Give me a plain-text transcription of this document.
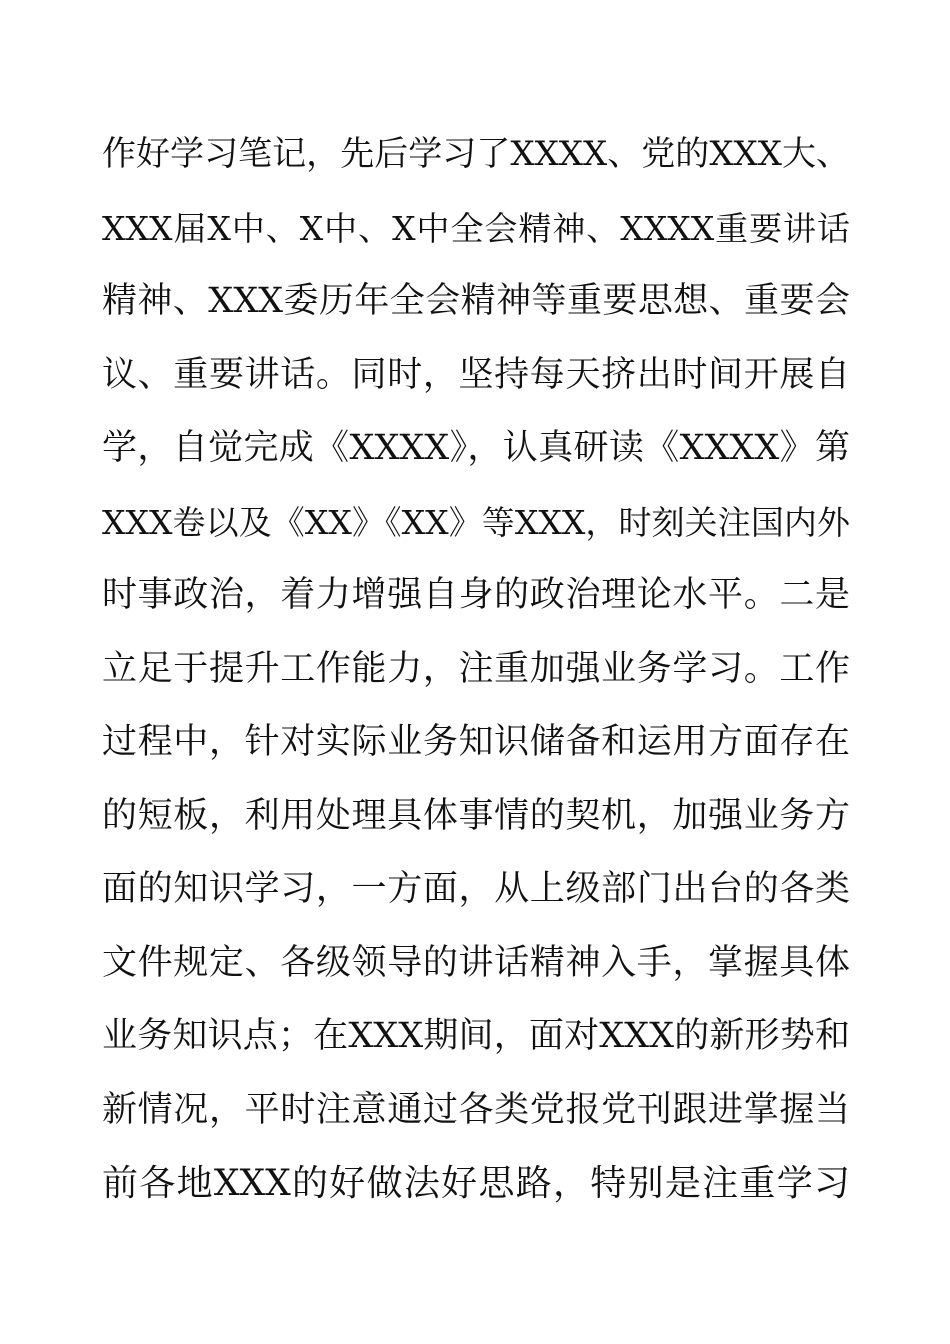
作好学习笔记，先后学习了XXXX、党的XXX大、
XXX届X中、X中、X中全会精神、XXXX重要讲话
精神、XXX委历年全会精神等重要思想、重要会
议、重要讲话。同时，坚持每天挤出时间开展自
学，自觉完成《XXXX》，认真研读《XXXX》第
XXX卷以及《XX》《XX》等XXX，时刻关注国内外
时事政治，着力增强自身的政治理论水平。二是
立足于提升工作能力，注重加强业务学习。工作
过程中，针对实际业务知识储备和运用方面存在
的短板，利用处理具体事情的契机，加强业务方
面的知识学习，一方面，从上级部门出台的各类
文件规定、各级领导的讲话精神入手，掌握具体
业务知识点；在XXX期间，面对XXX的新形势和
新情况，平时注意通过各类党报党刊跟进掌握当
前各地XXX的好做法好思路，特别是注重学习
